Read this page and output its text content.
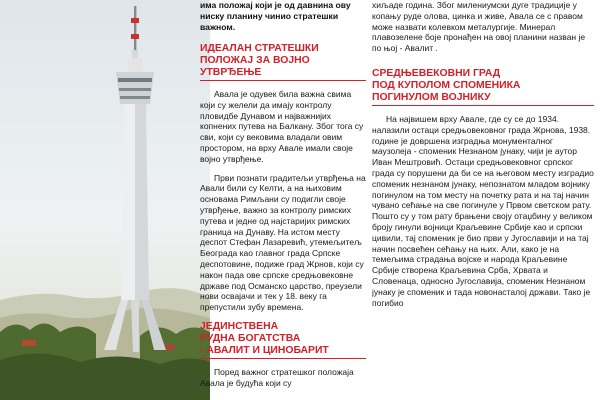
има положај који је од давнина ову ниску планину чинио стратешки важном.

ИДЕАЛАН СТРАТЕШКИ
ПОЛОЖАЈ ЗА ВОЈНО
УТВРЂЕЊЕ

Авала је одувек била важна свима који су желели да имају контролу пловидбе Дунавом и најважнијих копнених путева на Балкану. Због тога су сви, који су вековима владали овим простором, на врху Авале имали своје војно утврђење.

Први познати градитељи утврђења на Авали били су Келти, а на њиховим основама Римљани су подигли своје утврђење, важно за контролу римских путева и једне од најстаријих римских граница на Дунаву. На истом месту деспот Стефан Лазаревић, утемељитељ Београда као главног града Српске деспотовине, подиже град Жрнов, који су након пада ове српске средњовековне државе под Османско царство, преузели нови освајачи и тек у 18. веку га препустили зубу времена.

ЈЕДИНСТВЕНА
РУДНА БОГАТСТВА
- АВАЛИТ И ЦИНОБАРИТ

Поред важног стратешког положаја Авала је будућа који су

хиљаде година. Због милениумски дуге традиције у копању руде олова, цинка и живе, Авала се с правом може назвати колевком металургије. Минерал плавозелене боје пронађен на овој планини назван је по њој - Авалит .

СРЕДЊЕВЕКОВНИ ГРАД
ПОД КУПОЛОМ СПОМЕНИКА
ПОГИНУЛОМ ВОЈНИКУ

На највишем врху Авале, где су се до 1934. налазили остаци средњовековног града Жрнова, 1938. године је довршена изградња монументалног маузолеја - споменик Незнаном јунаку, чији је аутор Иван Мештровић. Остаци средњовековног српског града су порушени да би се на његовом месту изградио споменик незнаном јунаку, непознатом младом војнику погинулом на том месту на почетку рата и на тај начин чувано сећање на све погинуле у Првом светском рату. Пошто су у том рату брањени своју отаџбину у великом броју гинули војници Краљевине Србије као и српски цивили, тај споменик је био први у Југославији и на тај начин посвећен сећању на њих. Али, како је на темељима страдања војске и народа Краљевине Србије створена Краљевина Срба, Хрвата и Словенаца, односно Југославија, споменик Незнаном јунаку је споменик и тада новонасталој држави. Тако је погибио
